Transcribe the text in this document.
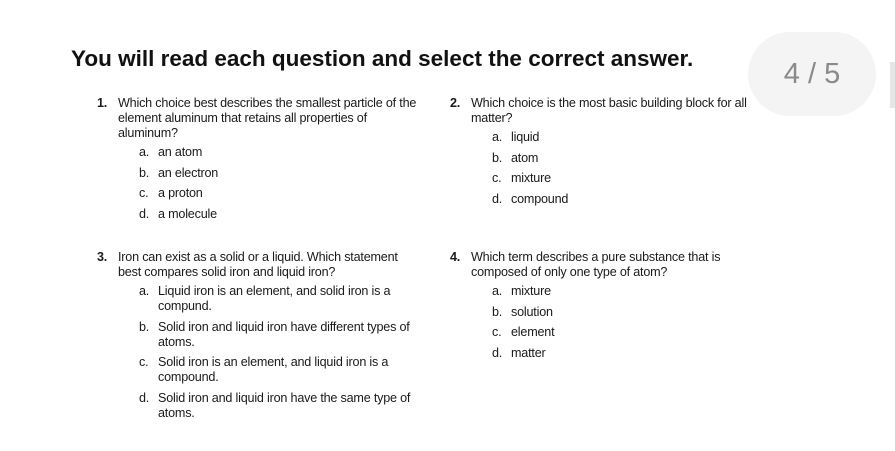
You will read each question and select the correct answer.	4 / 5
1. Which choice best describes the smallest particle of the element aluminum that retains all properties of aluminum?
a. an atom
b. an electron
c. a proton
d. a molecule
2. Which choice is the most basic building block for all matter?
a. liquid
b. atom
c. mixture
d. compound
3. Iron can exist as a solid or a liquid. Which statement best compares solid iron and liquid iron?
a. Liquid iron is an element, and solid iron is a compund.
b. Solid iron and liquid iron have different types of atoms.
c. Solid iron is an element, and liquid iron is a compound.
d. Solid iron and liquid iron have the same type of atoms.
4. Which term describes a pure substance that is composed of only one type of atom?
a. mixture
b. solution
c. element
d. matter
